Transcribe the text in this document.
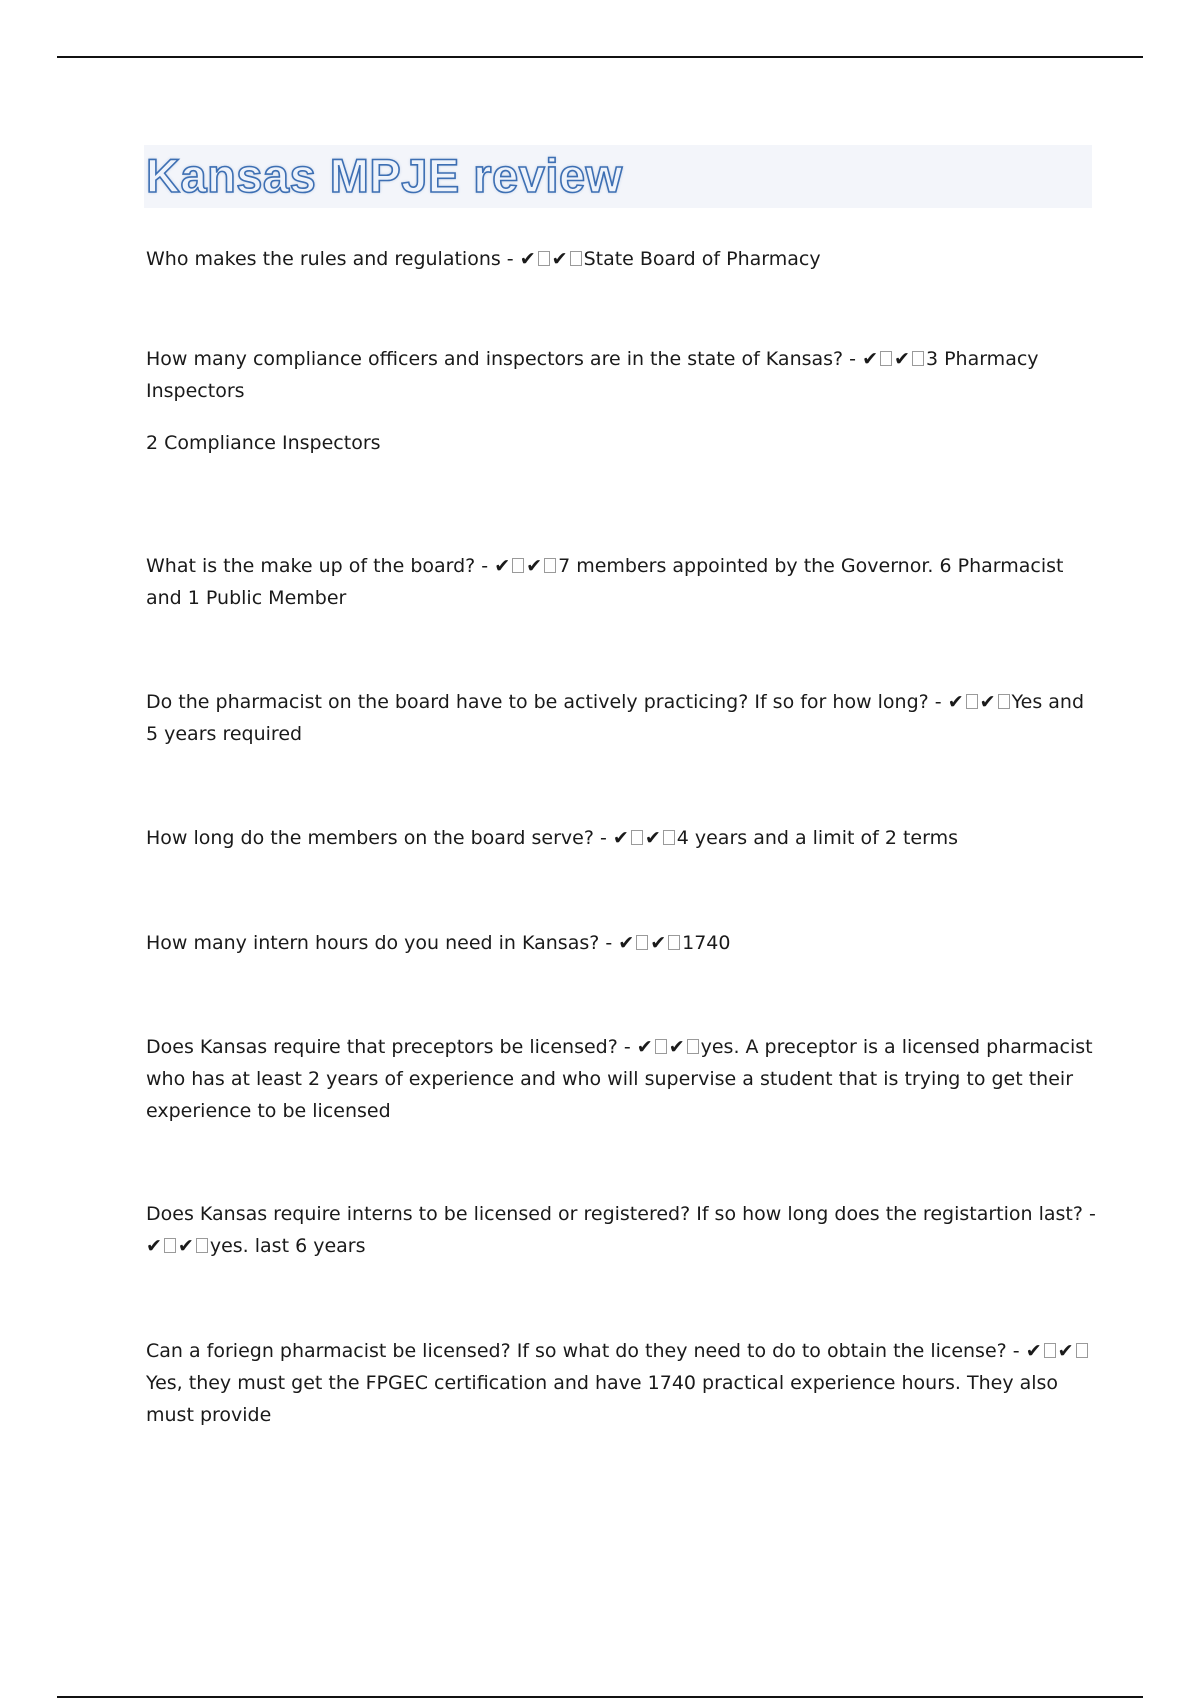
Kansas MPJE review

Who makes the rules and regulations - ✔ ✔ State Board of Pharmacy

How many compliance officers and inspectors are in the state of Kansas? - ✔ ✔ 3 Pharmacy Inspectors

2 Compliance Inspectors

What is the make up of the board? - ✔ ✔ 7 members appointed by the Governor. 6 Pharmacist and 1 Public Member

Do the pharmacist on the board have to be actively practicing? If so for how long? - ✔ ✔ Yes and 5 years required

How long do the members on the board serve? - ✔ ✔ 4 years and a limit of 2 terms

How many intern hours do you need in Kansas? - ✔ ✔ 1740

Does Kansas require that preceptors be licensed? - ✔ ✔ yes. A preceptor is a licensed pharmacist who has at least 2 years of experience and who will supervise a student that is trying to get their experience to be licensed

Does Kansas require interns to be licensed or registered? If so how long does the registartion last? - ✔ ✔ yes. last 6 years

Can a foriegn pharmacist be licensed? If so what do they need to do to obtain the license? - ✔ ✔Yes, they must get the FPGEC certification and have 1740 practical experience hours. They also must provide
